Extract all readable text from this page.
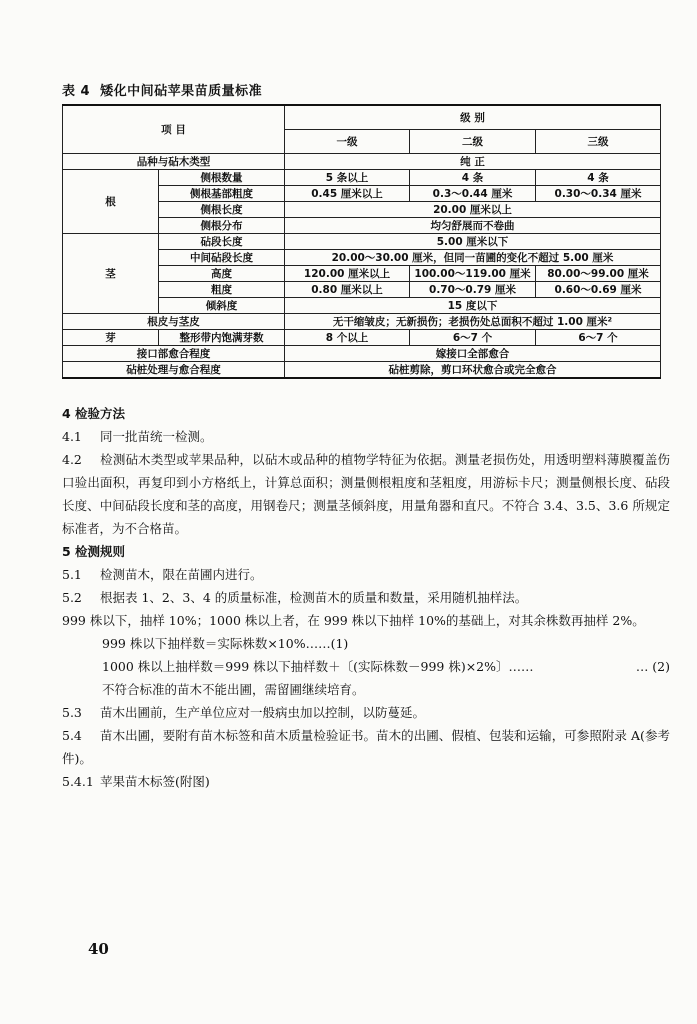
表 4 矮化中间砧苹果苗质量标准
项 目		级 别		
		一级	二级	三级
品种与砧木类型		纯 正		
根	侧根数量	5 条以上	4 条	4 条
	侧根基部粗度	0.45 厘米以上	0.3～0.44 厘米	0.30～0.34 厘米
	侧根长度	20.00 厘米以上		
	侧根分布	均匀舒展而不卷曲		
茎	砧段长度	5.00 厘米以下		
	中间砧段长度	20.00～30.00 厘米，但同一苗圃的变化不超过 5.00 厘米		
	高度	120.00 厘米以上	100.00～119.00 厘米	80.00～99.00 厘米
	粗度	0.80 厘米以上	0.70～0.79 厘米	0.60～0.69 厘米
	倾斜度	15 度以下		
根皮与茎皮		无干缩皱皮；无新损伤；老损伤处总面积不超过 1.00 厘米²		
芽	整形带内饱满芽数	8 个以上	6～7 个	6～7 个
接口部愈合程度		嫁接口全部愈合		
砧桩处理与愈合程度		砧桩剪除，剪口环状愈合或完全愈合		

4 检验方法

4.1 同一批苗统一检测。

4.2 检测砧木类型或苹果品种，以砧木或品种的植物学特征为依据。测量老损伤处，用透明塑料薄膜覆盖伤口验出面积，再复印到小方格纸上，计算总面积；测量侧根粗度和茎粗度，用游标卡尺；测量侧根长度、砧段长度、中间砧段长度和茎的高度，用钢卷尺；测量茎倾斜度，用量角器和直尺。不符合 3.4、3.5、3.6 所规定标准者，为不合格苗。

5 检测规则

5.1 检测苗木，限在苗圃内进行。

5.2 根据表 1、2、3、4 的质量标准，检测苗木的质量和数量，采用随机抽样法。

999 株以下，抽样 10%；1000 株以上者，在 999 株以下抽样 10%的基础上，对其余株数再抽样 2%。

999 株以下抽样数＝实际株数×10%……(1)

1000 株以上抽样数＝999 株以下抽样数＋〔(实际株数－999 株)×2%〕……	… (2)

不符合标准的苗木不能出圃，需留圃继续培育。

5.3 苗木出圃前，生产单位应对一般病虫加以控制，以防蔓延。

5.4 苗木出圃，要附有苗木标签和苗木质量检验证书。苗木的出圃、假植、包装和运输，可参照附录 A(参考件)。

5.4.1 苹果苗木标签(附图)

40
